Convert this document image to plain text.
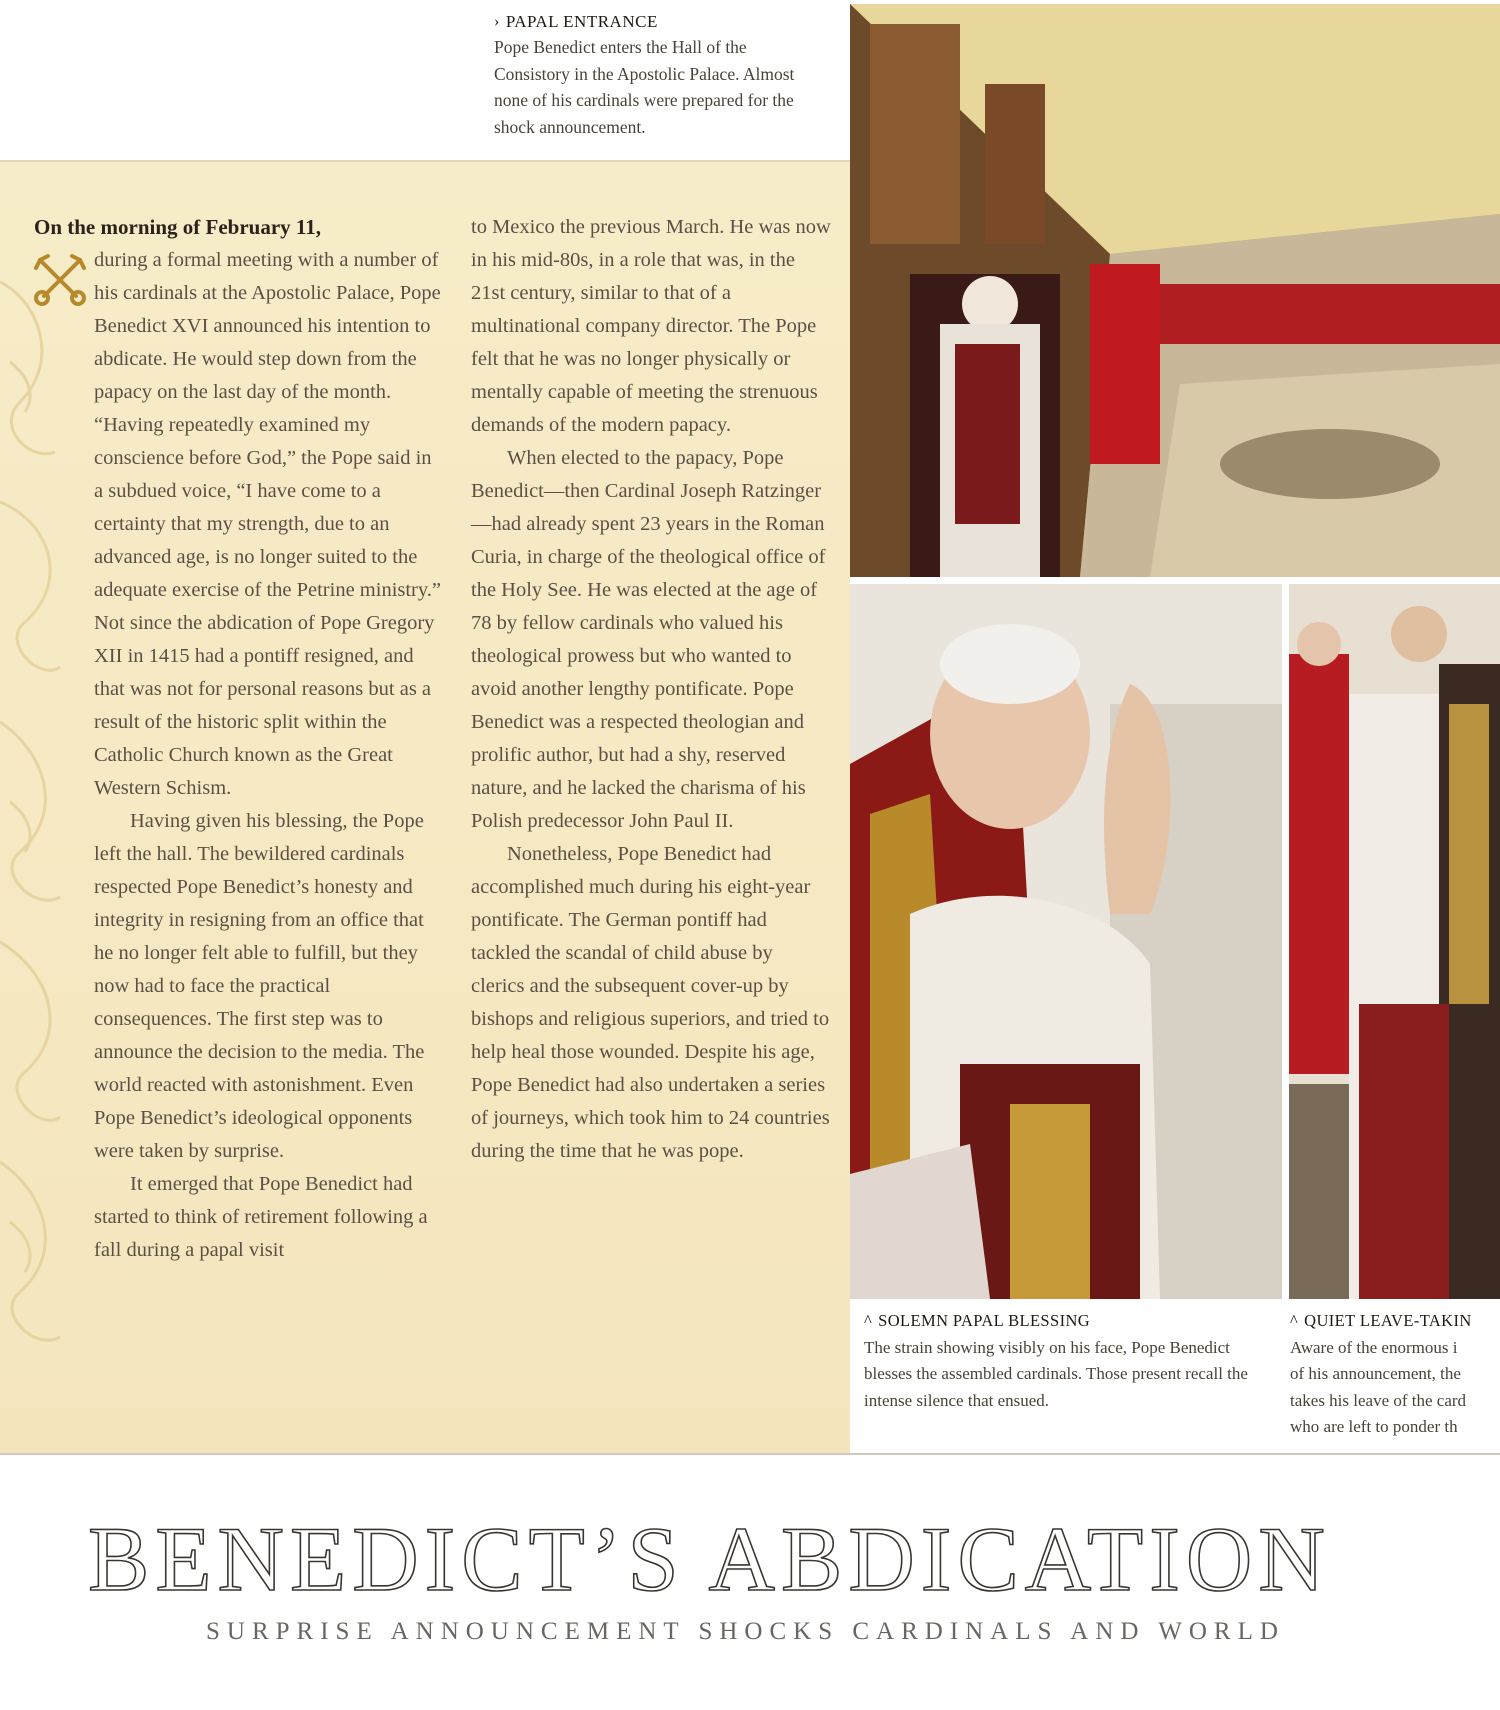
› PAPAL ENTRANCE
Pope Benedict enters the Hall of the Consistory in the Apostolic Palace. Almost none of his cardinals were prepared for the shock announcement.
On the morning of February 11,
during a formal meeting with a number of his cardinals at the Apostolic Palace, Pope Benedict XVI announced his intention to abdicate. He would step down from the papacy on the last day of the month. “Having repeatedly examined my conscience before God,” the Pope said in a subdued voice, “I have come to a certainty that my strength, due to an advanced age, is no longer suited to the adequate exercise of the Petrine ministry.” Not since the abdication of Pope Gregory XII in 1415 had a pontiff resigned, and that was not for personal reasons but as a result of the historic split within the Catholic Church known as the Great Western Schism.
Having given his blessing, the Pope left the hall. The bewildered cardinals respected Pope Benedict’s honesty and integrity in resigning from an office that he no longer felt able to fulfill, but they now had to face the practical consequences. The first step was to announce the decision to the media. The world reacted with astonishment. Even Pope Benedict’s ideological opponents were taken by surprise.
It emerged that Pope Benedict had started to think of retirement following a fall during a papal visit
to Mexico the previous March. He was now in his mid-80s, in a role that was, in the 21st century, similar to that of a multinational company director. The Pope felt that he was no longer physically or mentally capable of meeting the strenuous demands of the modern papacy.
When elected to the papacy, Pope Benedict—then Cardinal Joseph Ratzinger—had already spent 23 years in the Roman Curia, in charge of the theological office of the Holy See. He was elected at the age of 78 by fellow cardinals who valued his theological prowess but who wanted to avoid another lengthy pontificate. Pope Benedict was a respected theologian and prolific author, but had a shy, reserved nature, and he lacked the charisma of his Polish predecessor John Paul II.
Nonetheless, Pope Benedict had accomplished much during his eight-year pontificate. The German pontiff had tackled the scandal of child abuse by clerics and the subsequent cover-up by bishops and religious superiors, and tried to help heal those wounded. Despite his age, Pope Benedict had also undertaken a series of journeys, which took him to 24 countries during the time that he was pope.
^ SOLEMN PAPAL BLESSING
The strain showing visibly on his face, Pope Benedict blesses the assembled cardinals. Those present recall the intense silence that ensued.
^ QUIET LEAVE-TAKIN
Aware of the enormous i
of his announcement, the
takes his leave of the card
who are left to ponder th
BENEDICT’S ABDICATION
SURPRISE ANNOUNCEMENT SHOCKS CARDINALS AND WORLD
